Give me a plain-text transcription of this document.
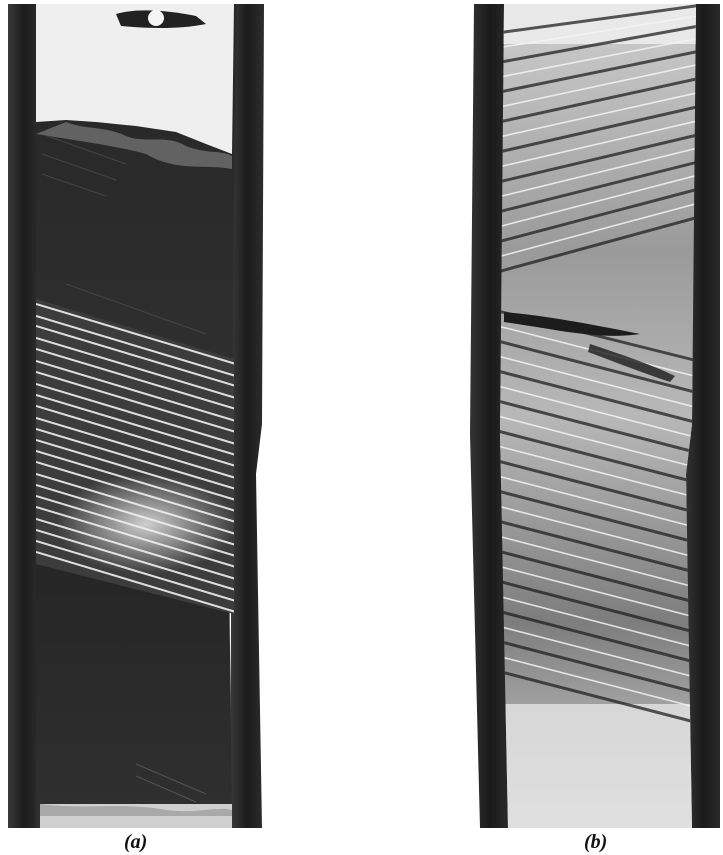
(a)	(b)
